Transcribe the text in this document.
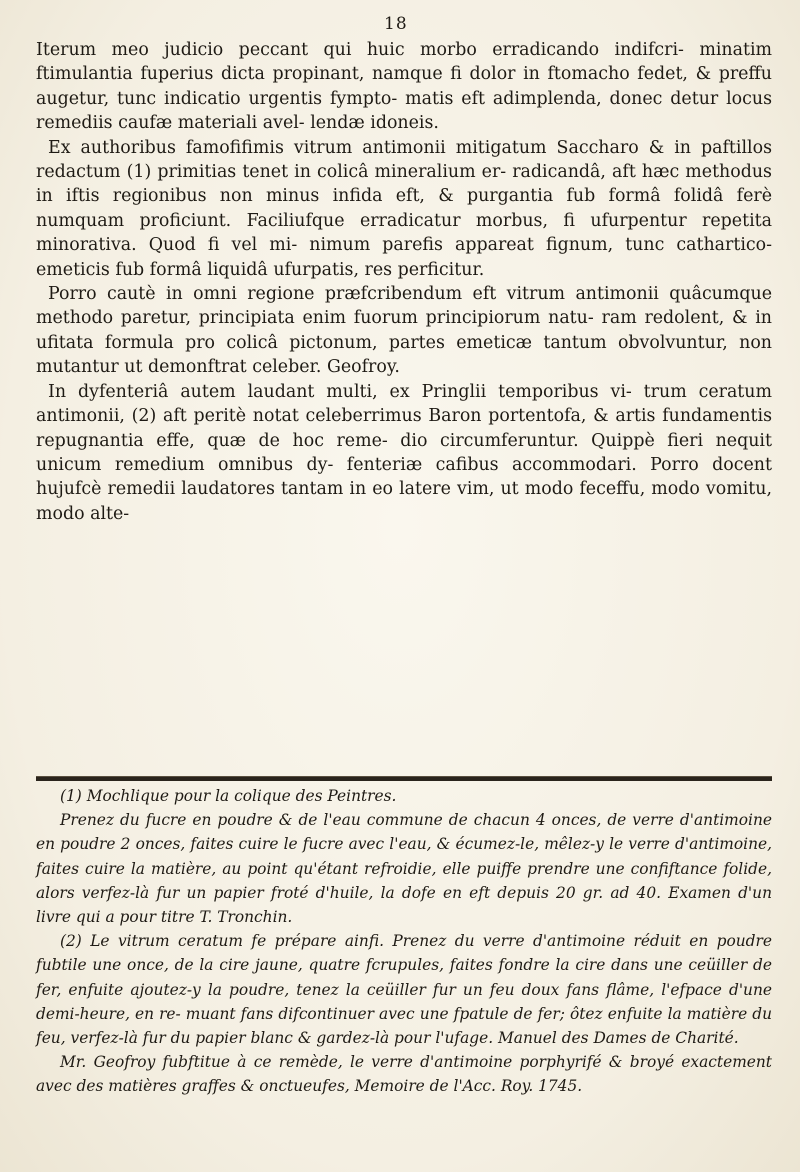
18

Iterum meo judicio peccant qui huic morbo erradicando indifcri- minatim ftimulantia fuperius dicta propinant, namque fi dolor in ftomacho fedet, & preffu augetur, tunc indicatio urgentis fympto- matis eft adimplenda, donec detur locus remediis caufæ materiali avel- lendæ idoneis.

Ex authoribus famofifimis vitrum antimonii mitigatum Saccharo & in paftillos redactum (1) primitias tenet in colicâ mineralium er- radicandâ, aft hæc methodus in iftis regionibus non minus infida eft, & purgantia fub formâ folidâ ferè numquam proficiunt. Faciliufque erradicatur morbus, fi ufurpentur repetita minorativa. Quod fi vel mi- nimum parefis appareat fignum, tunc cathartico-emeticis fub formâ liquidâ ufurpatis, res perficitur.

Porro cautè in omni regione præfcribendum eft vitrum antimonii quâcumque methodo paretur, principiata enim fuorum principiorum natu- ram redolent, & in ufitata formula pro colicâ pictonum, partes emeticæ tantum obvolvuntur, non mutantur ut demonftrat celeber. Geofroy.

In dyfenteriâ autem laudant multi, ex Pringlii temporibus vi- trum ceratum antimonii, (2) aft peritè notat celeberrimus Baron portentofa, & artis fundamentis repugnantia effe, quæ de hoc reme- dio circumferuntur. Quippè fieri nequit unicum remedium omnibus dy- fenteriæ cafibus accommodari. Porro docent hujufcè remedii laudatores tantam in eo latere vim, ut modo feceffu, modo vomitu, modo alte-

(1) Mochlique pour la colique des Peintres.

Prenez du fucre en poudre & de l'eau commune de chacun 4 onces, de verre d'antimoine en poudre 2 onces, faites cuire le fucre avec l'eau, & écumez-le, mêlez-y le verre d'antimoine, faites cuire la matière, au point qu'étant refroidie, elle puiffe prendre une confiftance folide, alors verfez-là fur un papier froté d'huile, la dofe en eft depuis 20 gr. ad 40. Examen d'un livre qui a pour titre T. Tronchin.

(2) Le vitrum ceratum fe prépare ainfi. Prenez du verre d'antimoine réduit en poudre fubtile une once, de la cire jaune, quatre fcrupules, faites fondre la cire dans une ceüiller de fer, enfuite ajoutez-y la poudre, tenez la ceüiller fur un feu doux fans flâme, l'efpace d'une demi-heure, en re- muant fans difcontinuer avec une fpatule de fer; ôtez enfuite la matière du feu, verfez-là fur du papier blanc & gardez-là pour l'ufage. Manuel des Dames de Charité.

Mr. Geofroy fubftitue à ce remède, le verre d'antimoine porphyrifé & broyé exactement avec des matières graffes & onctueufes, Memoire de l'Acc. Roy. 1745.
